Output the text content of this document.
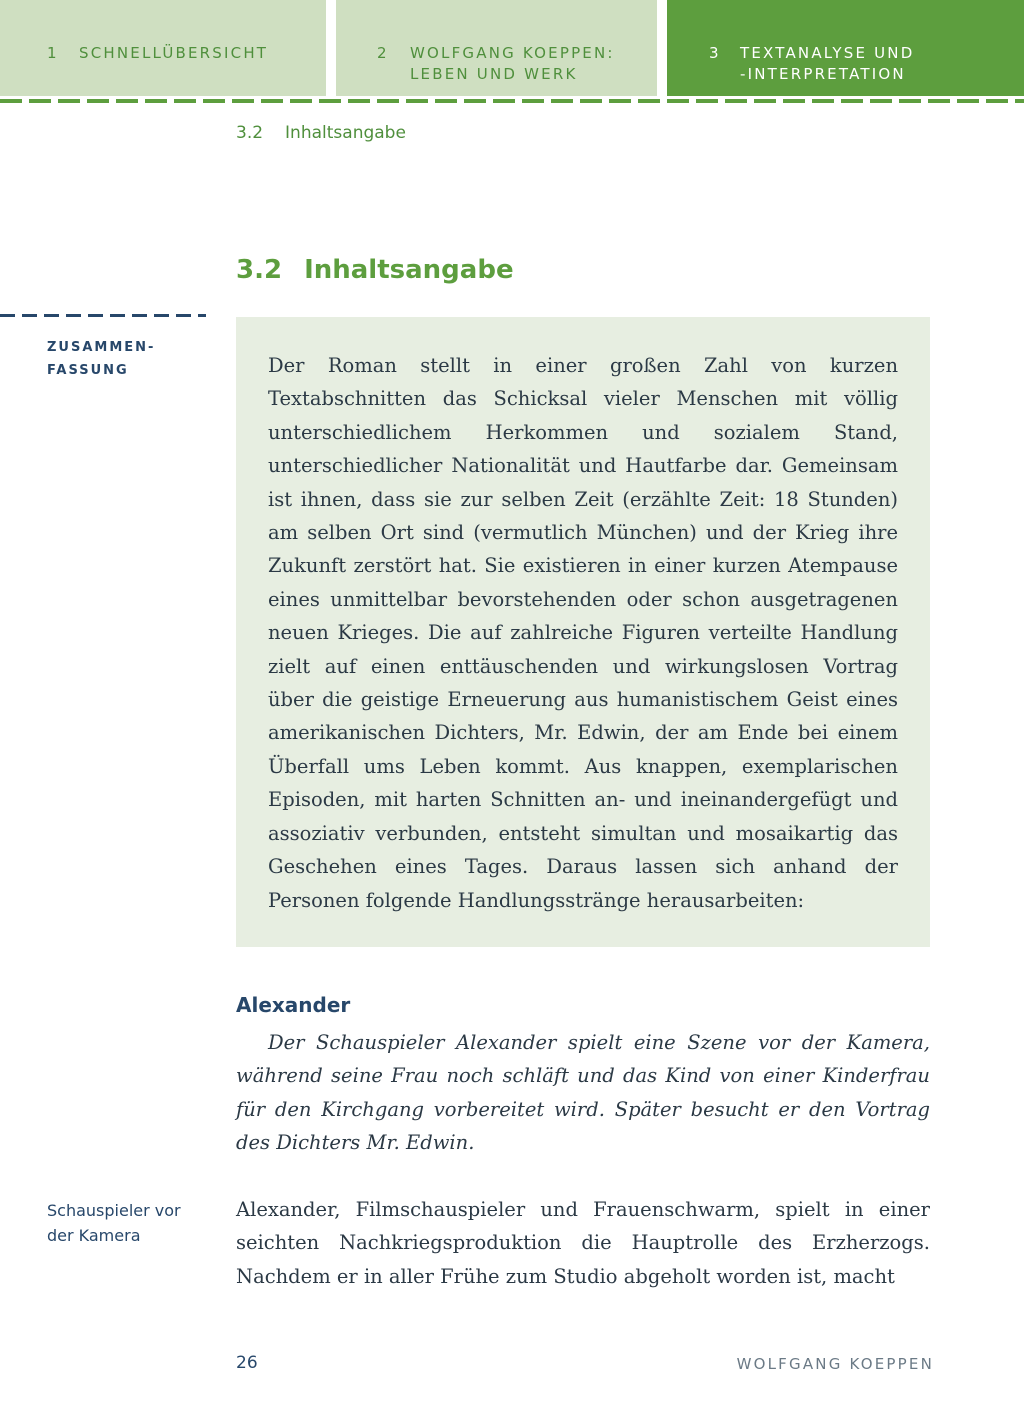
1 SCHNELLÜBERSICHT	2 WOLFGANG KOEPPEN:
LEBEN UND WERK
3 TEXTANALYSE UND
-INTERPRETATION
3.2 Inhaltsangabe
3.2 Inhaltsangabe
ZUSAMMEN-
FASSUNG	Der Roman stellt in einer großen Zahl von kurzen Textabschnitten das Schicksal vieler Menschen mit völlig unterschiedlichem Herkommen und sozialem Stand, unterschiedlicher Nationalität und Hautfarbe dar. Gemeinsam ist ihnen, dass sie zur selben Zeit (erzählte Zeit: 18 Stunden) am selben Ort sind (vermutlich München) und der Krieg ihre Zukunft zerstört hat. Sie existieren in einer kurzen Atempause eines unmittelbar bevorstehenden oder schon ausgetragenen neuen Krieges. Die auf zahlreiche Figuren verteilte Handlung zielt auf einen enttäuschenden und wirkungslosen Vortrag über die geistige Erneuerung aus humanistischem Geist eines amerikanischen Dichters, Mr. Edwin, der am Ende bei einem Überfall ums Leben kommt. Aus knappen, exemplarischen Episoden, mit harten Schnitten an- und ineinandergefügt und assoziativ verbunden, entsteht simultan und mosaikartig das Geschehen eines Tages. Daraus lassen sich anhand der Personen folgende Handlungsstränge herausarbeiten:

Alexander

Der Schauspieler Alexander spielt eine Szene vor der Kamera, während seine Frau noch schläft und das Kind von einer Kinderfrau für den Kirchgang vorbereitet wird. Später besucht er den Vortrag des Dichters Mr. Edwin.

Schauspieler vor der Kamera

Alexander, Filmschauspieler und Frauenschwarm, spielt in einer seichten Nachkriegsproduktion die Hauptrolle des Erzherzogs. Nachdem er in aller Frühe zum Studio abgeholt worden ist, macht

26	WOLFGANG KOEPPEN
